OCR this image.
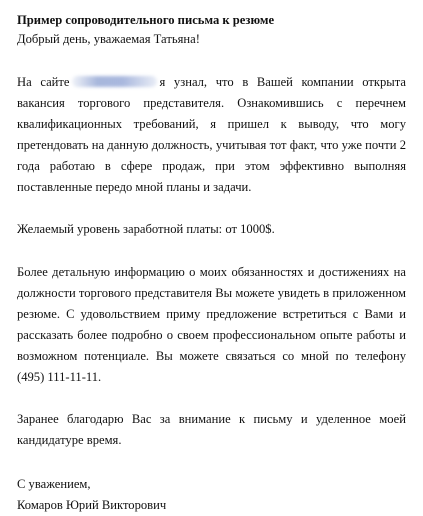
Пример сопроводительного письма к резюме

Добрый день, уважаемая Татьяна!

На сайте	я узнал, что в Вашей компании открыта вакансия торгового представителя. Ознакомившись с перечнем квалификационных требований, я пришел к выводу, что могу претендовать на данную должность, учитывая тот факт, что уже почти 2 года работаю в сфере продаж, при этом эффективно выполняя поставленные передо мной планы и задачи.

Желаемый уровень заработной платы: от 1000$.

Более детальную информацию о моих обязанностях и достижениях на должности торгового представителя Вы можете увидеть в приложенном резюме. С удовольствием приму предложение встретиться с Вами и рассказать более подробно о своем профессиональном опыте работы и возможном потенциале. Вы можете связаться со мной по телефону (495) 111-11-11.

Заранее благодарю Вас за внимание к письму и уделенное моей кандидатуре время.

С уважением,

Комаров Юрий Викторович
